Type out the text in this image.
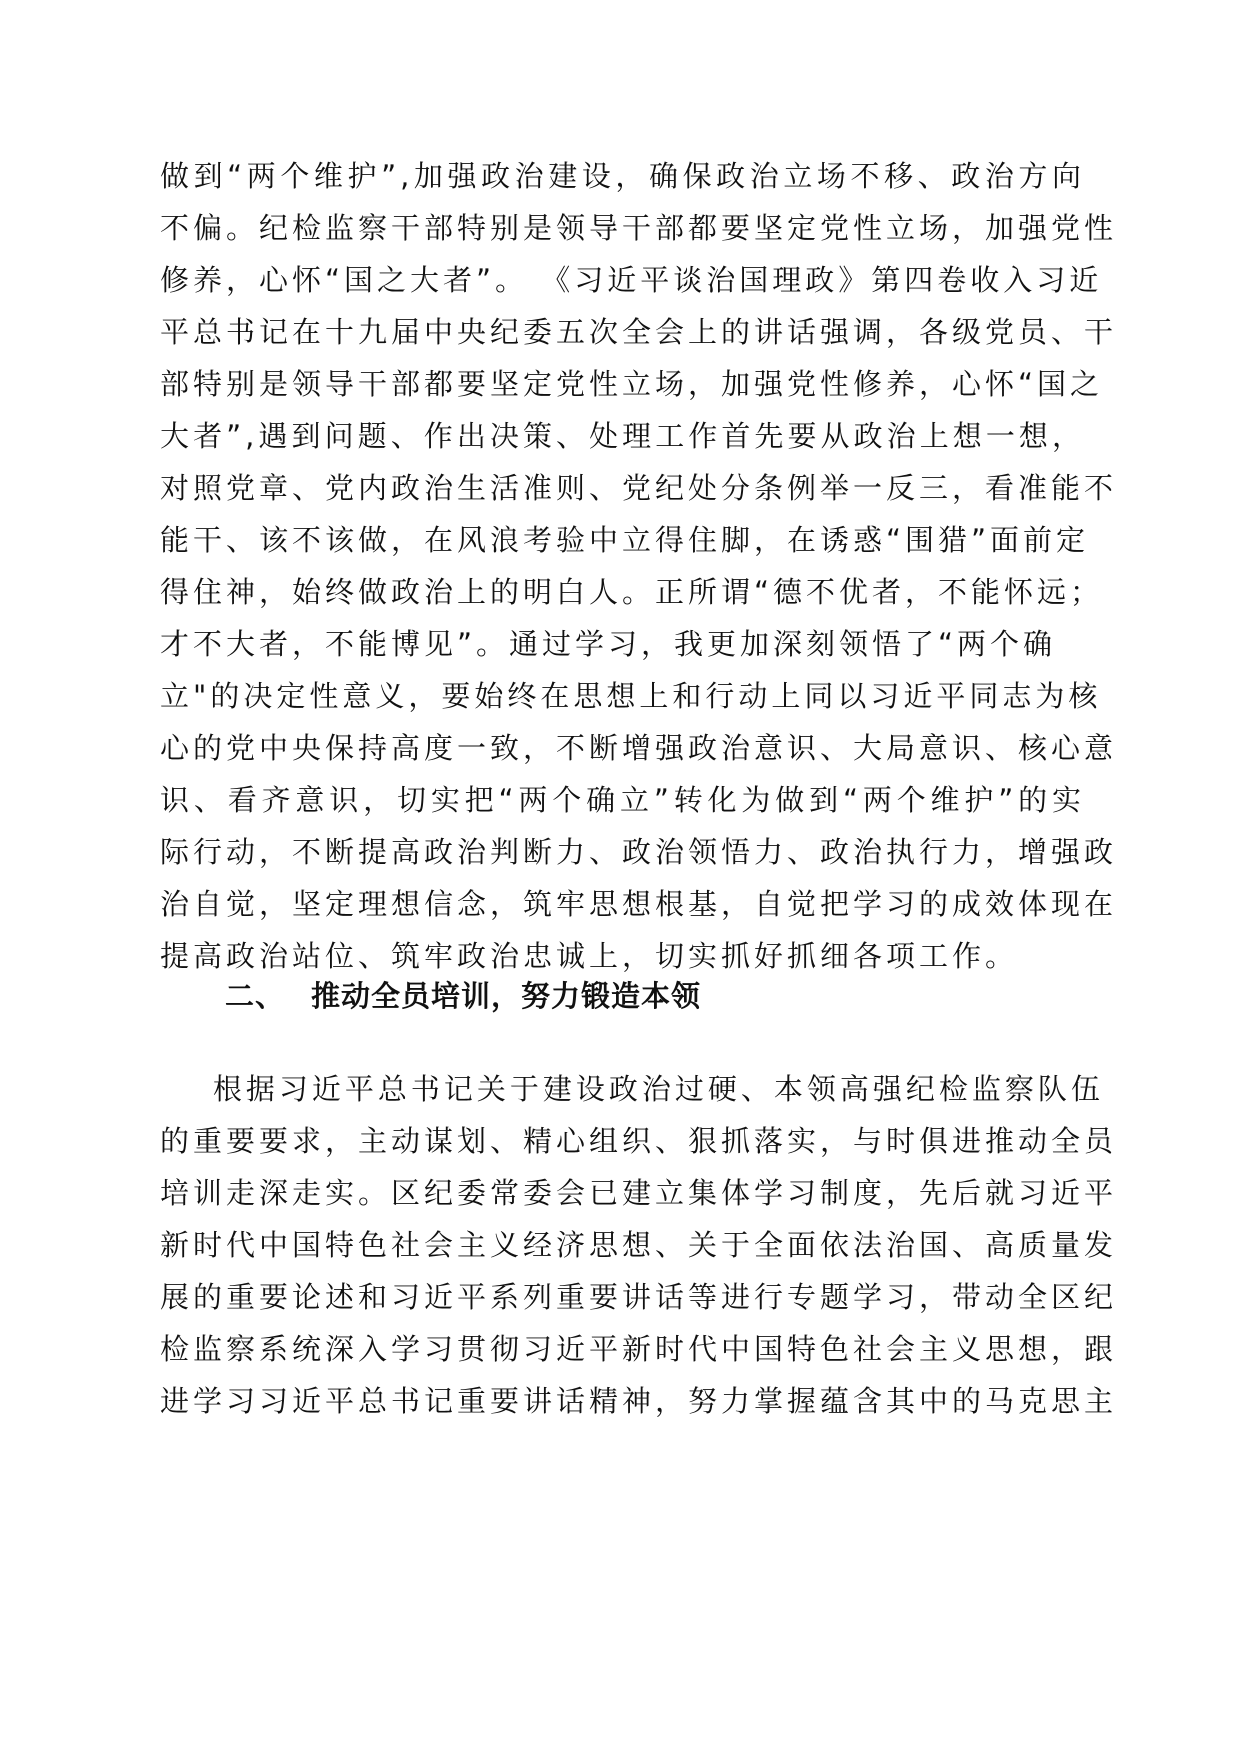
做到“两个维护”,加强政治建设，确保政治立场不移、政治方向
不偏。纪检监察干部特别是领导干部都要坚定党性立场，加强党性
修养，心怀“国之大者”。 《习近平谈治国理政》第四卷收入习近
平总书记在十九届中央纪委五次全会上的讲话强调，各级党员、干
部特别是领导干部都要坚定党性立场，加强党性修养，心怀“国之
大者”,遇到问题、作出决策、处理工作首先要从政治上想一想，
对照党章、党内政治生活准则、党纪处分条例举一反三，看准能不
能干、该不该做，在风浪考验中立得住脚，在诱惑“围猎”面前定
得住神，始终做政治上的明白人。正所谓“德不优者，不能怀远；
才不大者，不能博见”。通过学习，我更加深刻领悟了“两个确
立"的决定性意义，要始终在思想上和行动上同以习近平同志为核
心的党中央保持高度一致，不断增强政治意识、大局意识、核心意
识、看齐意识，切实把“两个确立”转化为做到“两个维护”的实
际行动，不断提高政治判断力、政治领悟力、政治执行力，增强政
治自觉，坚定理想信念，筑牢思想根基，自觉把学习的成效体现在
提高政治站位、筑牢政治忠诚上，切实抓好抓细各项工作。
二、 推动全员培训，努力锻造本领
根据习近平总书记关于建设政治过硬、本领高强纪检监察队伍
的重要要求，主动谋划、精心组织、狠抓落实，与时俱进推动全员
培训走深走实。区纪委常委会已建立集体学习制度，先后就习近平
新时代中国特色社会主义经济思想、关于全面依法治国、高质量发
展的重要论述和习近平系列重要讲话等进行专题学习，带动全区纪
检监察系统深入学习贯彻习近平新时代中国特色社会主义思想，跟
进学习习近平总书记重要讲话精神，努力掌握蕴含其中的马克思主
